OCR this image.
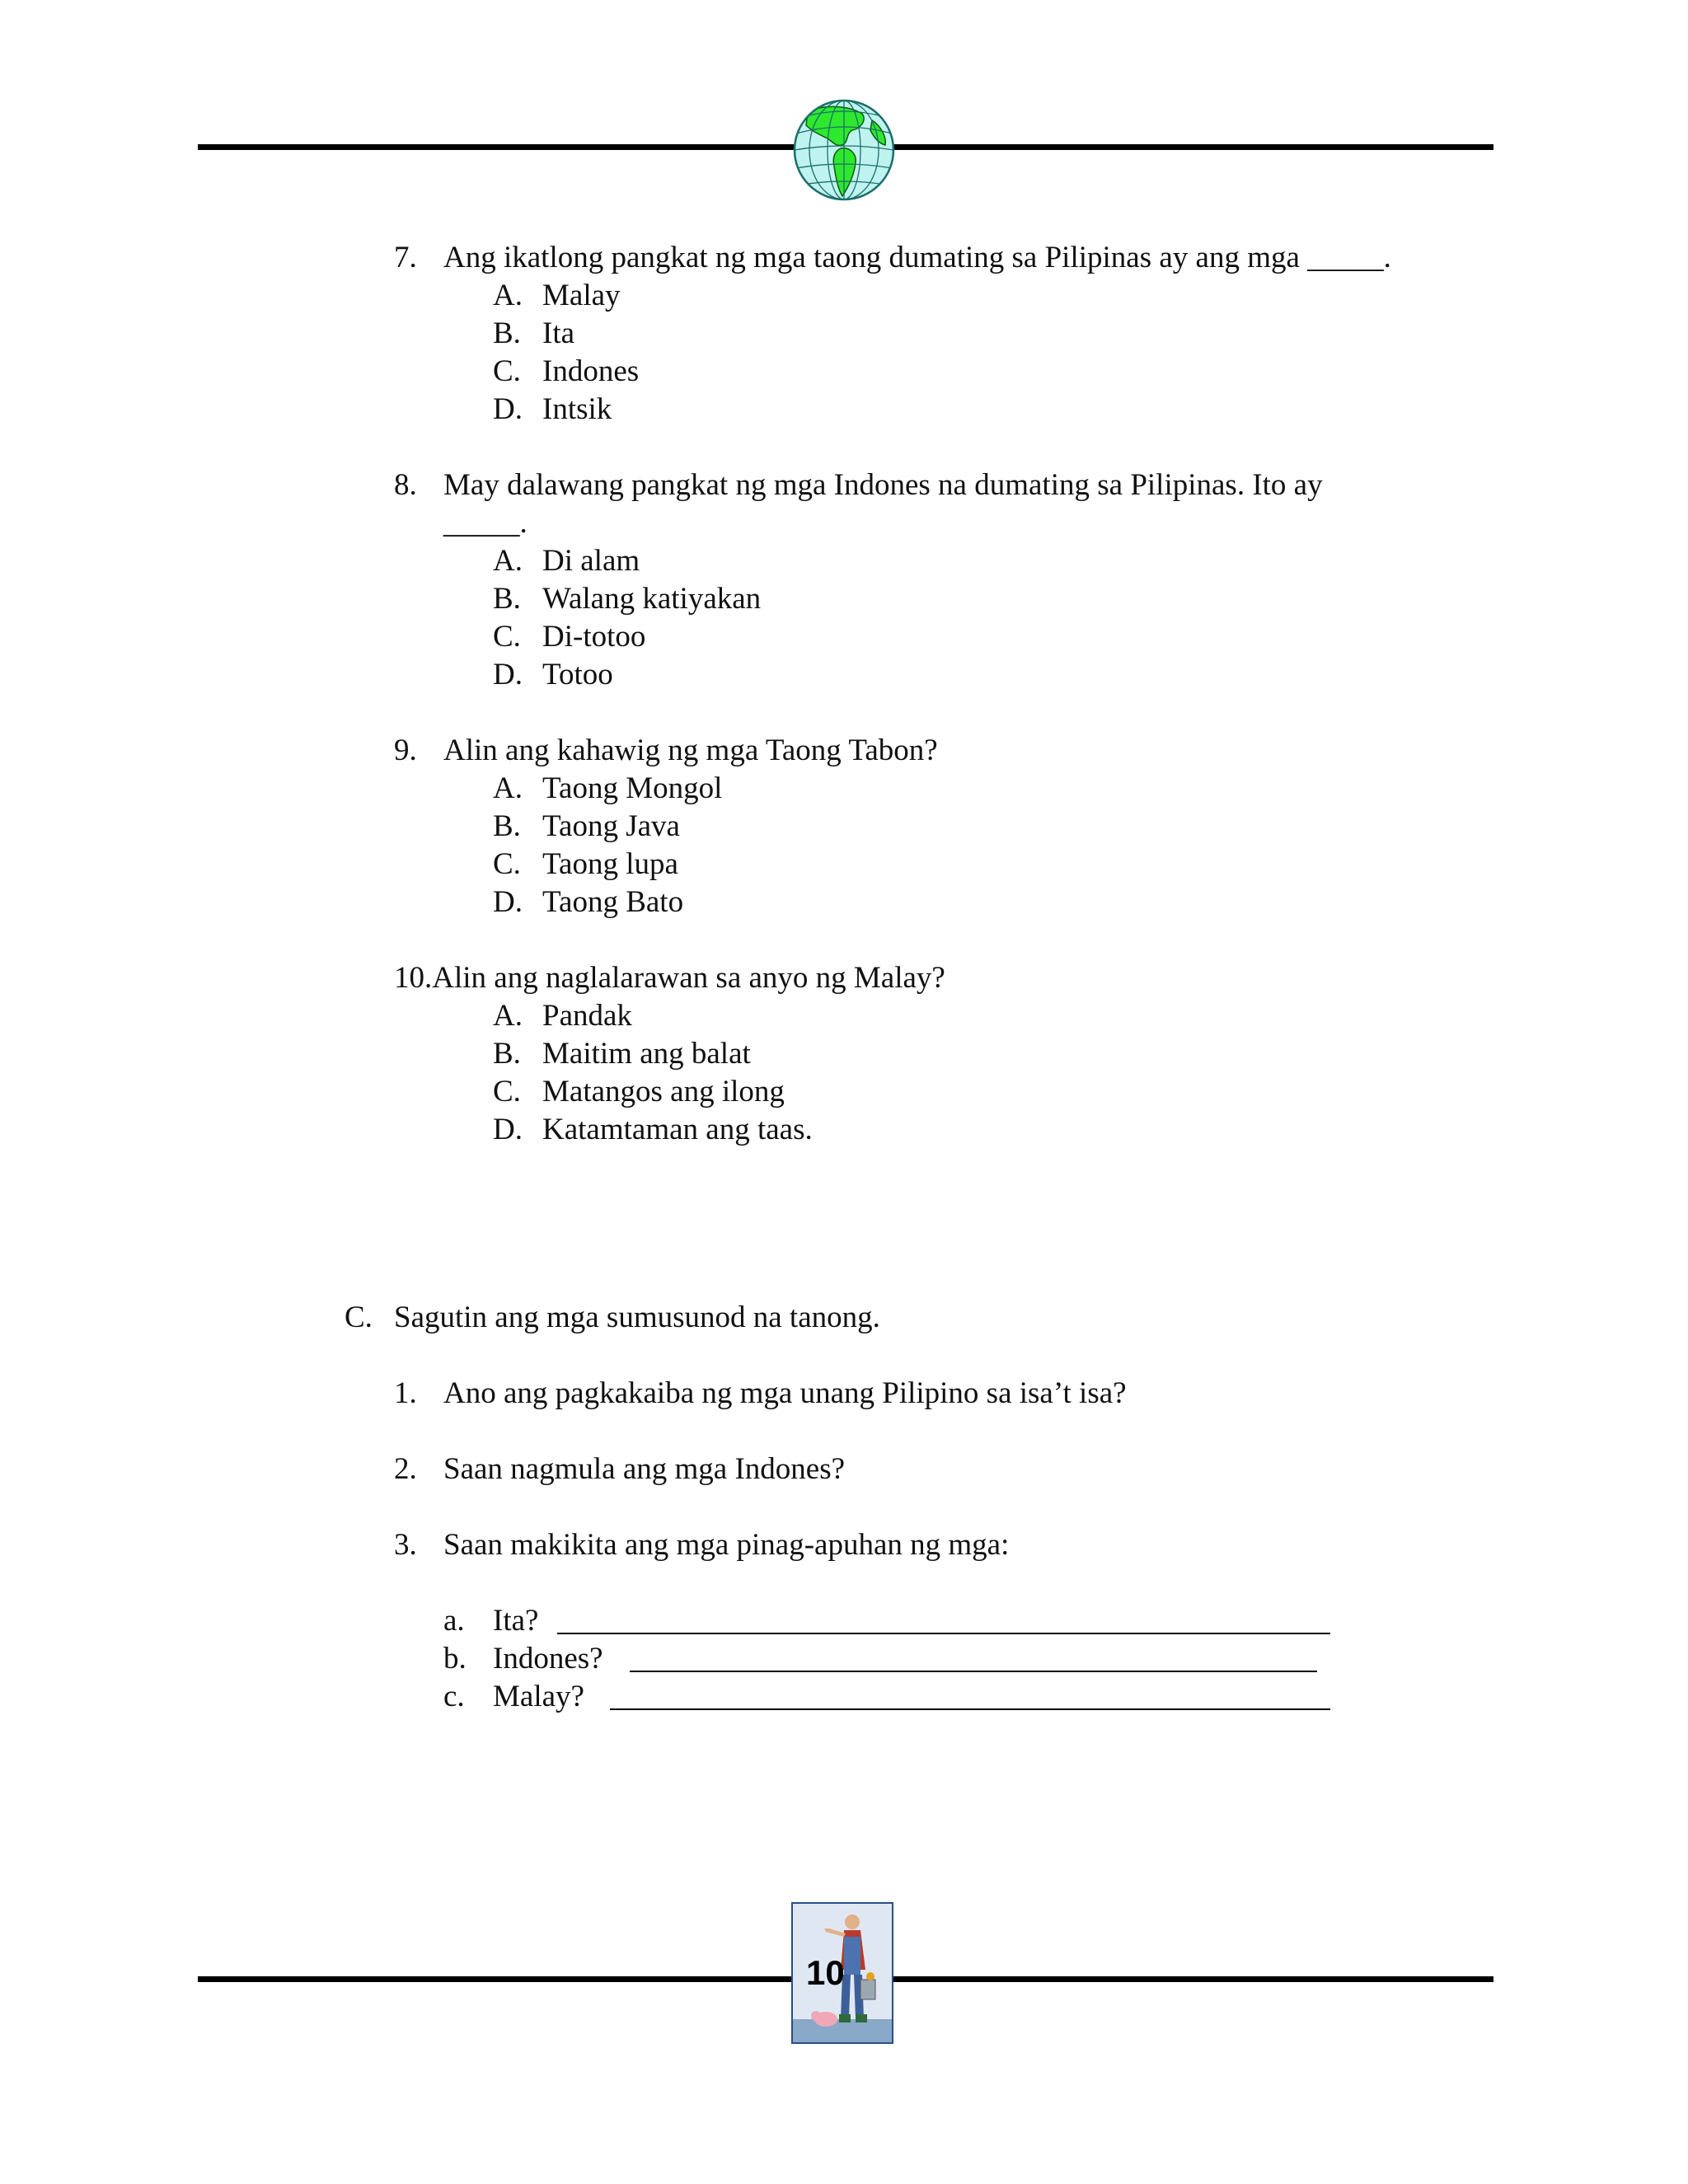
7. Ang ikatlong pangkat ng mga taong dumating sa Pilipinas ay ang mga _____.
A. Malay
B. Ita
C. Indones
D. Intsik
8. May dalawang pangkat ng mga Indones na dumating sa Pilipinas. Ito ay
_____.
A. Di alam
B. Walang katiyakan
C. Di-totoo
D. Totoo
9. Alin ang kahawig ng mga Taong Tabon?
A. Taong Mongol
B. Taong Java
C. Taong lupa
D. Taong Bato
10.Alin ang naglalarawan sa anyo ng Malay?
A. Pandak
B. Maitim ang balat
C. Matangos ang ilong
D. Katamtaman ang taas.
C. Sagutin ang mga sumusunod na tanong.
1. Ano ang pagkakaiba ng mga unang Pilipino sa isa’t isa?
2. Saan nagmula ang mga Indones?
3. Saan makikita ang mga pinag-apuhan ng mga:
a. Ita?
b. Indones?
c. Malay?
10
